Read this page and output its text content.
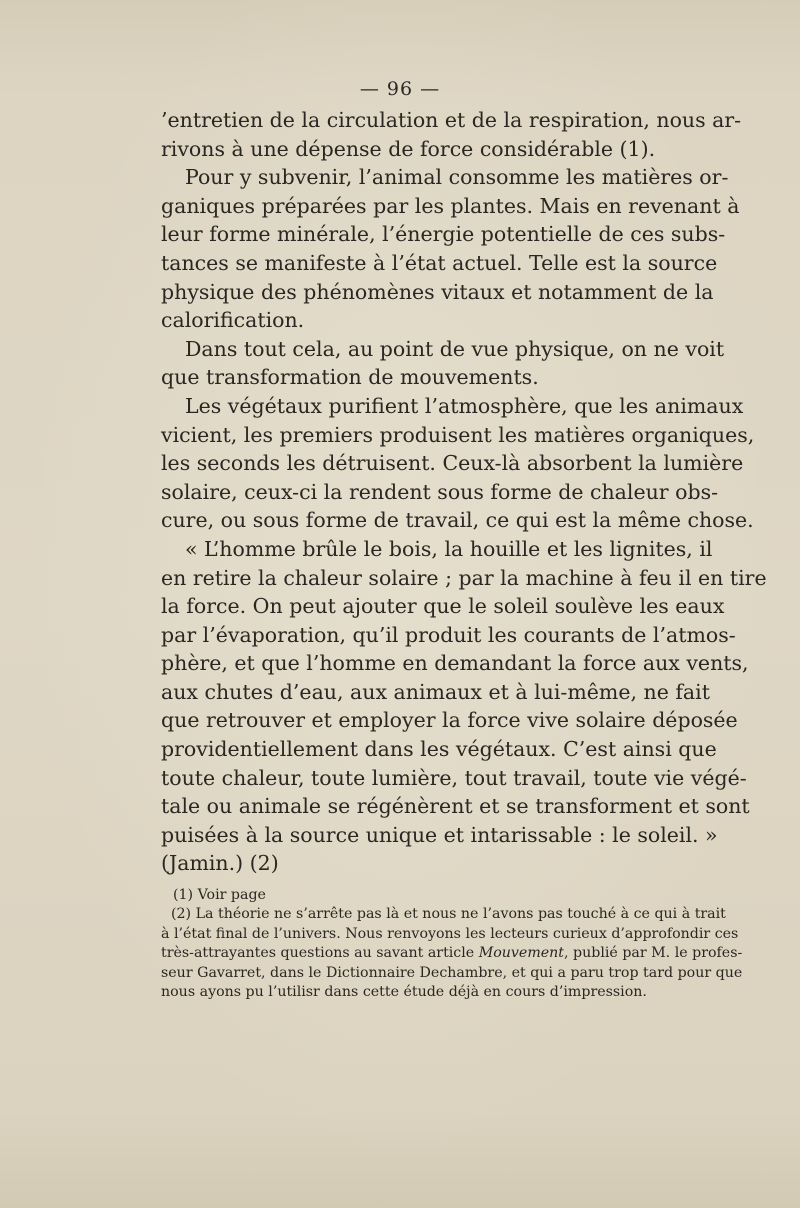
— 96 —
’entretien de la circulation et de la respiration, nous ar-
rivons à une dépense de force considérable (1).
Pour y subvenir, l’animal consomme les matières or-
ganiques préparées par les plantes. Mais en revenant à
leur forme minérale, l’énergie potentielle de ces subs-
tances se manifeste à l’état actuel. Telle est la source
physique des phénomènes vitaux et notamment de la
calorification.
Dans tout cela, au point de vue physique, on ne voit
que transformation de mouvements.
Les végétaux purifient l’atmosphère, que les animaux
vicient, les premiers produisent les matières organiques,
les seconds les détruisent. Ceux-là absorbent la lumière
solaire, ceux-ci la rendent sous forme de chaleur obs-
cure, ou sous forme de travail, ce qui est la même chose.
« L’homme brûle le bois, la houille et les lignites, il
en retire la chaleur solaire ; par la machine à feu il en tire
la force. On peut ajouter que le soleil soulève les eaux
par l’évaporation, qu’il produit les courants de l’atmos-
phère, et que l’homme en demandant la force aux vents,
aux chutes d’eau, aux animaux et à lui-même, ne fait
que retrouver et employer la force vive solaire déposée
providentiellement dans les végétaux. C’est ainsi que
toute chaleur, toute lumière, tout travail, toute vie végé-
tale ou animale se régénèrent et se transforment et sont
puisées à la source unique et intarissable : le soleil. »
(Jamin.) (2)
(1) Voir page
(2) La théorie ne s’arrête pas là et nous ne l’avons pas touché à ce qui à trait
à l’état final de l’univers. Nous renvoyons les lecteurs curieux d’approfondir ces
très-attrayantes questions au savant article Mouvement, publié par M. le profes-
seur Gavarret, dans le Dictionnaire Dechambre, et qui a paru trop tard pour que
nous ayons pu l’utilisr dans cette étude déjà en cours d’impression.
